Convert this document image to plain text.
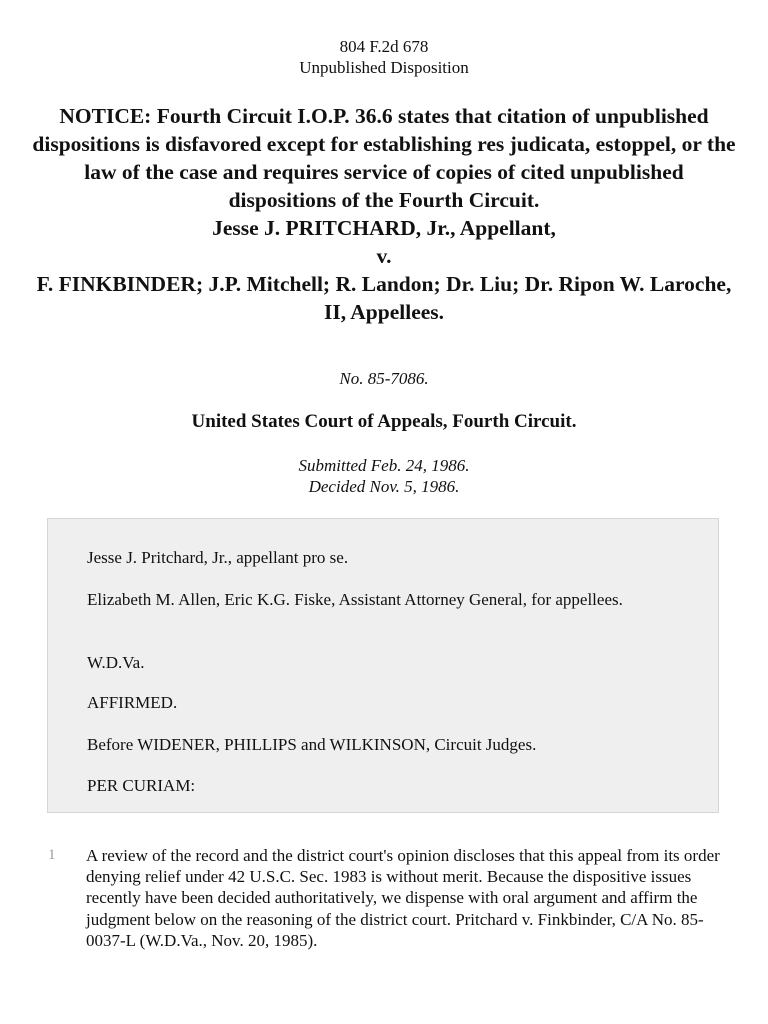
804 F.2d 678
Unpublished Disposition
NOTICE: Fourth Circuit I.O.P. 36.6 states that citation of unpublished dispositions is disfavored except for establishing res judicata, estoppel, or the law of the case and requires service of copies of cited unpublished dispositions of the Fourth Circuit.
Jesse J. PRITCHARD, Jr., Appellant,
v.
F. FINKBINDER; J.P. Mitchell; R. Landon; Dr. Liu; Dr. Ripon W. Laroche, II, Appellees.
No. 85-7086.
United States Court of Appeals, Fourth Circuit.
Submitted Feb. 24, 1986.
Decided Nov. 5, 1986.

Jesse J. Pritchard, Jr., appellant pro se.

Elizabeth M. Allen, Eric K.G. Fiske, Assistant Attorney General, for appellees.

W.D.Va.

AFFIRMED.

Before WIDENER, PHILLIPS and WILKINSON, Circuit Judges.

PER CURIAM:

1 A review of the record and the district court's opinion discloses that this appeal from its order denying relief under 42 U.S.C. Sec. 1983 is without merit. Because the dispositive issues recently have been decided authoritatively, we dispense with oral argument and affirm the judgment below on the reasoning of the district court. Pritchard v. Finkbinder, C/A No. 85-0037-L (W.D.Va., Nov. 20, 1985).
